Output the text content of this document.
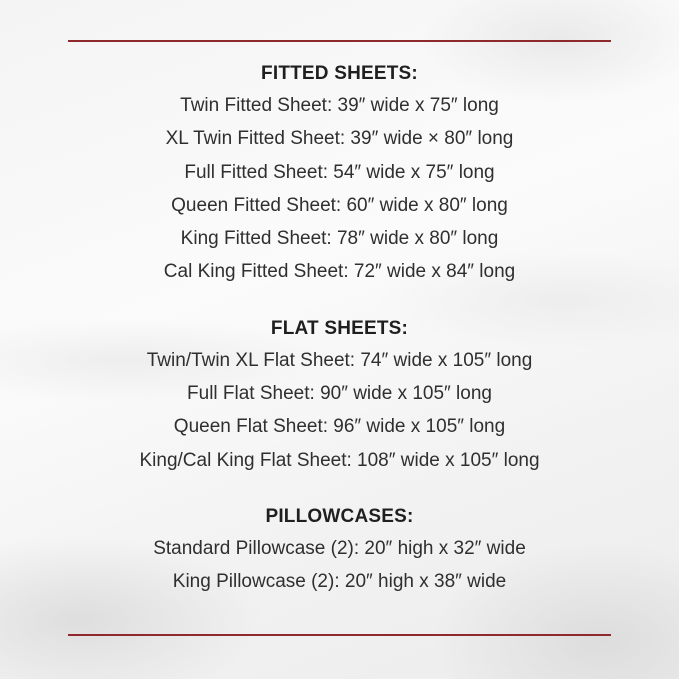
FITTED SHEETS:

Twin Fitted Sheet: 39″ wide x 75″ long

XL Twin Fitted Sheet: 39″ wide × 80″ long

Full Fitted Sheet: 54″ wide x 75″ long

Queen Fitted Sheet: 60″ wide x 80″ long

King Fitted Sheet: 78″ wide x 80″ long

Cal King Fitted Sheet: 72″ wide x 84″ long

FLAT SHEETS:

Twin/Twin XL Flat Sheet: 74″ wide x 105″ long

Full Flat Sheet: 90″ wide x 105″ long

Queen Flat Sheet: 96″ wide x 105″ long

King/Cal King Flat Sheet: 108″ wide x 105″ long

PILLOWCASES:

Standard Pillowcase (2): 20″ high x 32″ wide

King Pillowcase (2): 20″ high x 38″ wide
